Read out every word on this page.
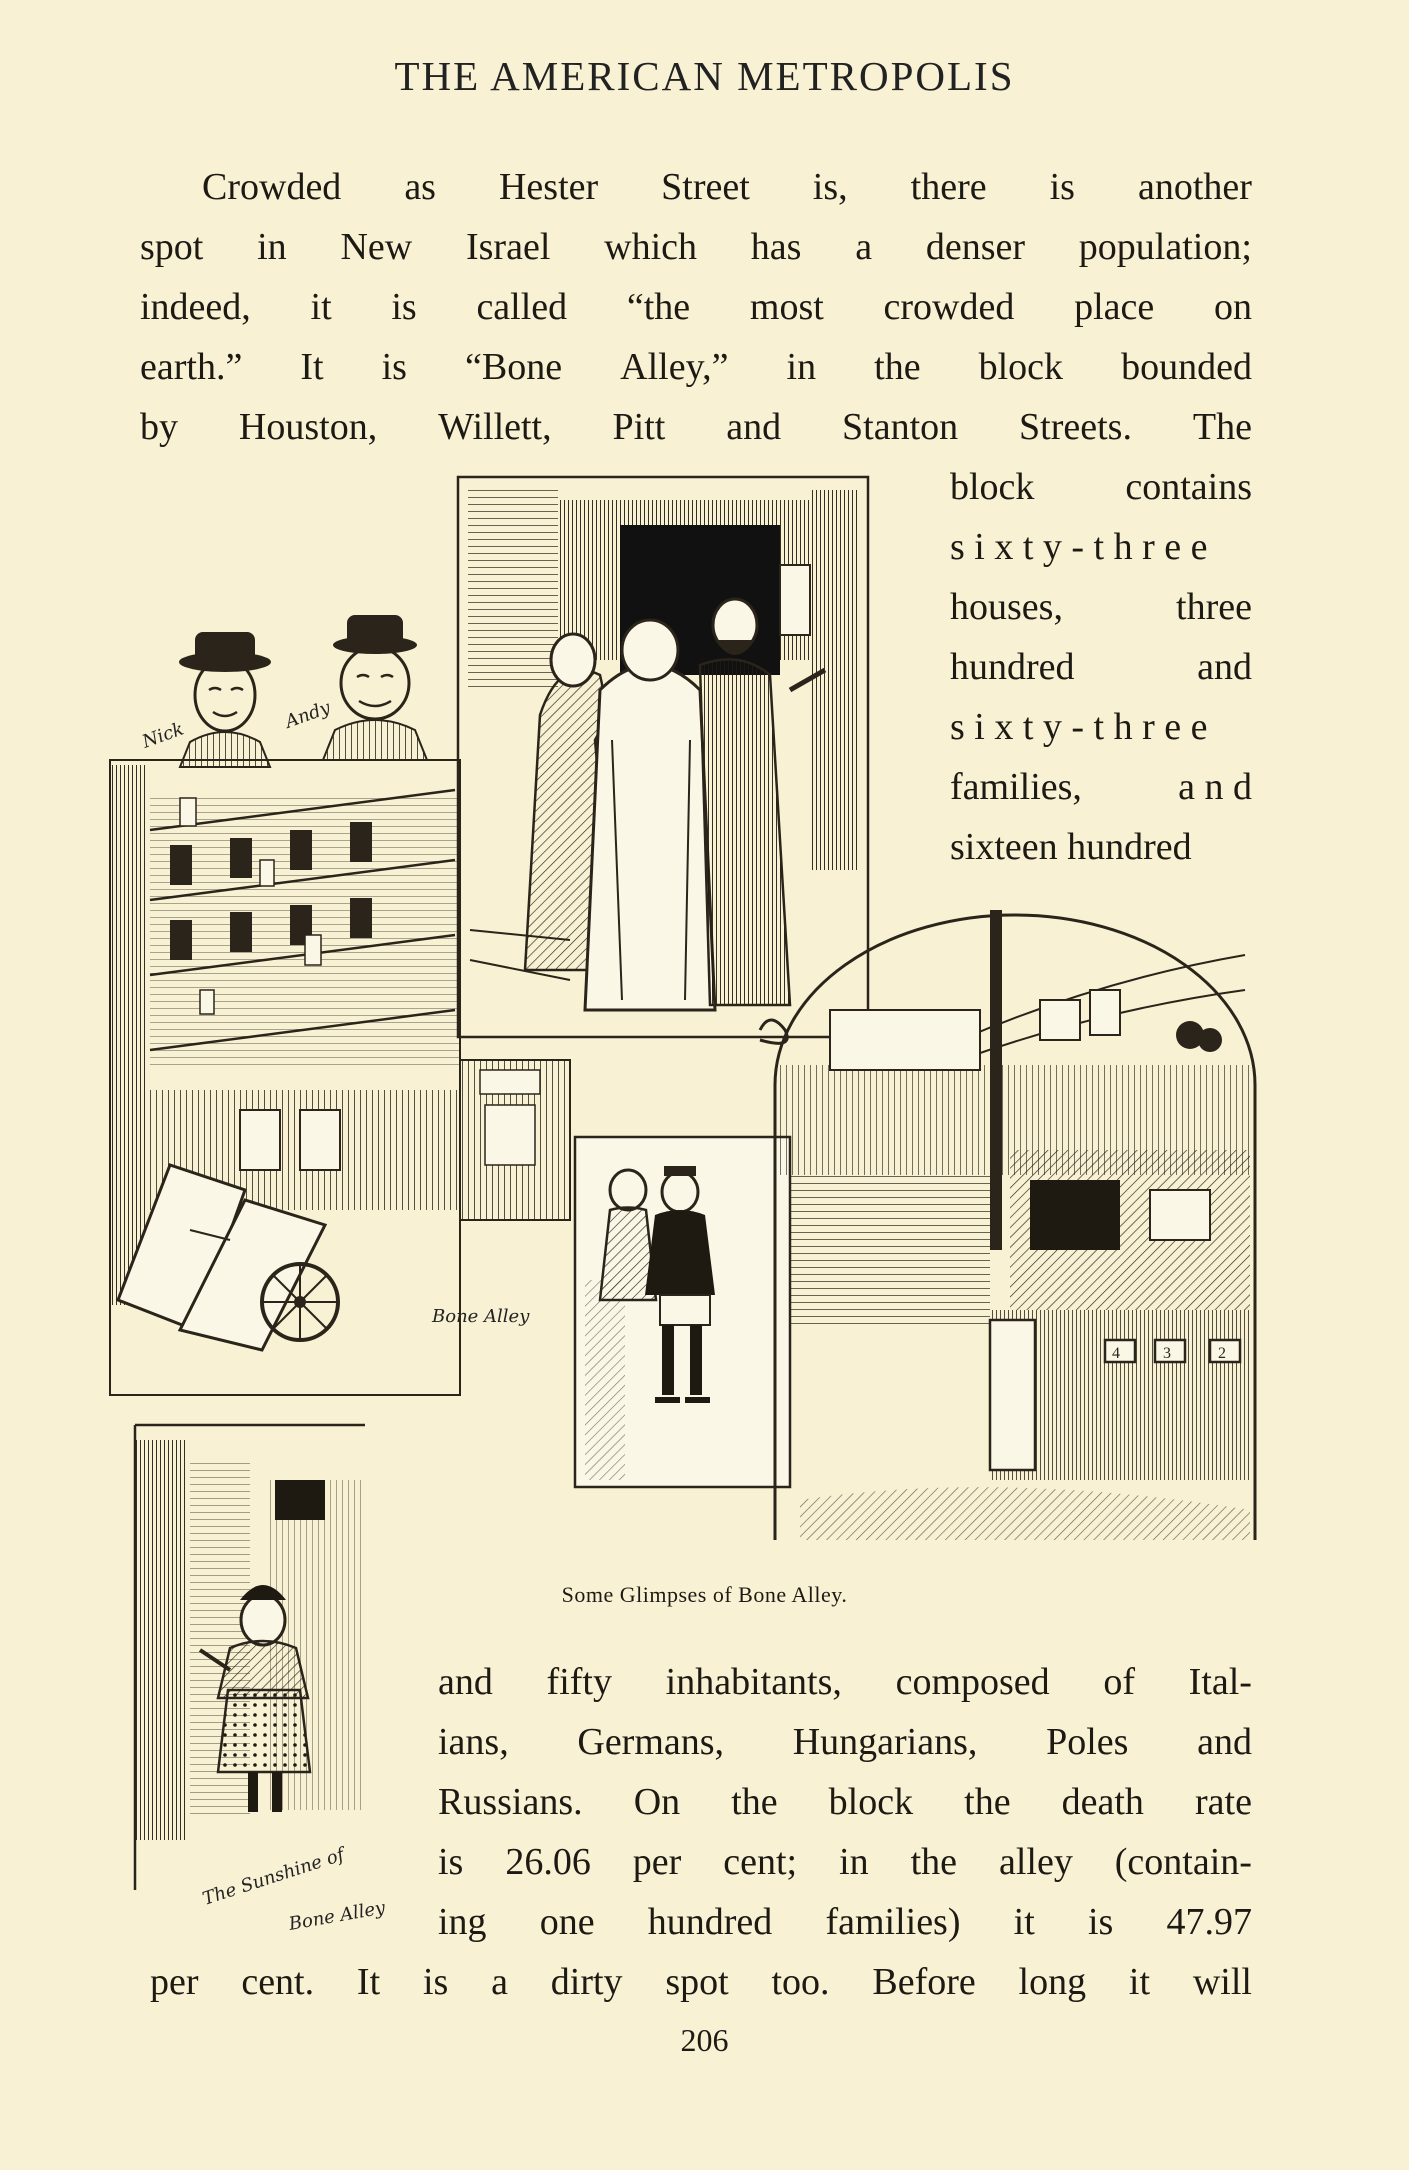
THE AMERICAN METROPOLIS
Crowded as Hester Street is, there is another
spot in New Israel which has a denser population;
indeed, it is called “the most crowded place on
earth.” It is “Bone Alley,” in the block bounded
by Houston, Willett, Pitt and Stanton Streets. The
block contains
s i x t y - t h r e e
houses,	three
hundred	and
s i x t y - t h r e e
families,	a n d
sixteen hundred
and fifty inhabitants, composed of Ital-
ians, Germans, Hungarians, Poles and
Russians. On the block the death rate
is 26.06 per cent; in the alley (contain-
ing one hundred families) it is 47.97
per cent. It is a dirty spot too. Before long it will
Nick
Andy
Bone Alley
4	3	2
The Sunshine of
Bone Alley
Some Glimpses of Bone Alley.
206
